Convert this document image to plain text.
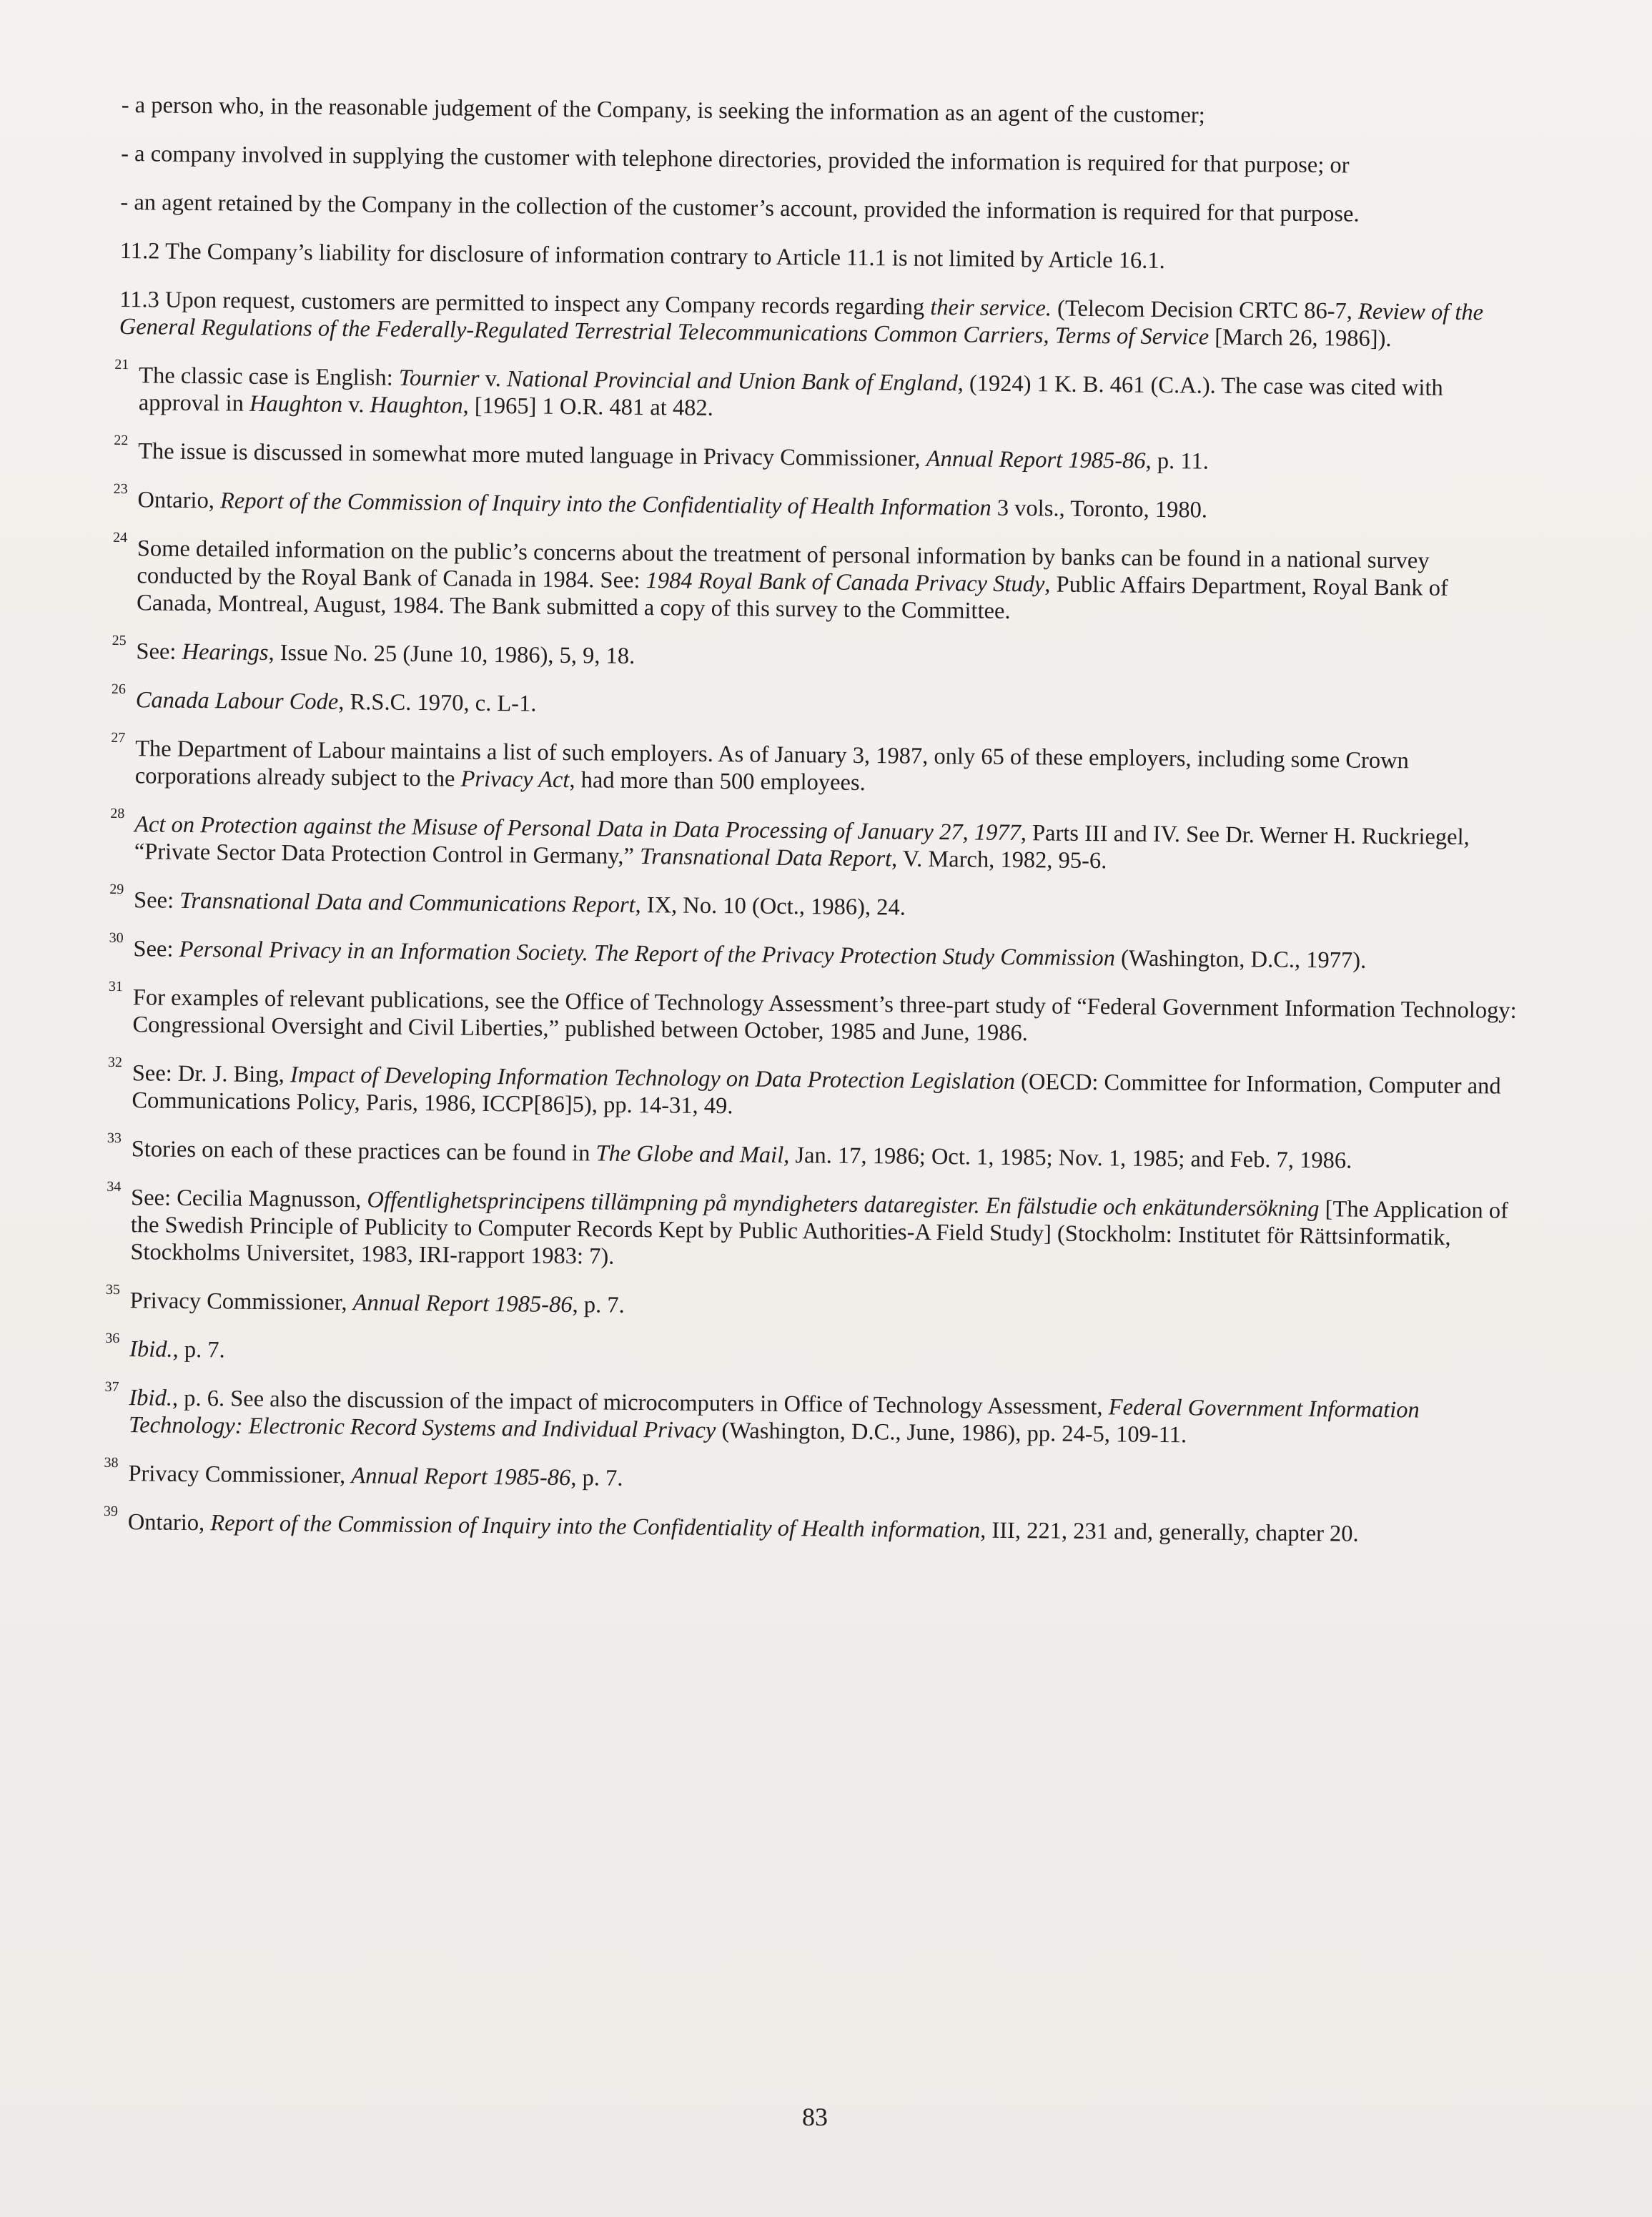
- a person who, in the reasonable judgement of the Company, is seeking the information as an agent of the customer;
- a company involved in supplying the customer with telephone directories, provided the information is required for that purpose; or
- an agent retained by the Company in the collection of the customer’s account, provided the information is required for that purpose.
11.2 The Company’s liability for disclosure of information contrary to Article 11.1 is not limited by Article 16.1.
11.3 Upon request, customers are permitted to inspect any Company records regarding their service. (Telecom Decision CRTC 86-7, Review of the General Regulations of the Federally-Regulated Terrestrial Telecommunications Common Carriers, Terms of Service [March 26, 1986]).
21 The classic case is English: Tournier v. National Provincial and Union Bank of England, (1924) 1 K. B. 461 (C.A.). The case was cited with approval in Haughton v. Haughton, [1965] 1 O.R. 481 at 482.
22 The issue is discussed in somewhat more muted language in Privacy Commissioner, Annual Report 1985-86, p. 11.
23 Ontario, Report of the Commission of Inquiry into the Confidentiality of Health Information 3 vols., Toronto, 1980.
24 Some detailed information on the public’s concerns about the treatment of personal information by banks can be found in a national survey conducted by the Royal Bank of Canada in 1984. See: 1984 Royal Bank of Canada Privacy Study, Public Affairs Department, Royal Bank of Canada, Montreal, August, 1984. The Bank submitted a copy of this survey to the Committee.
25 See: Hearings, Issue No. 25 (June 10, 1986), 5, 9, 18.
26 Canada Labour Code, R.S.C. 1970, c. L-1.
27 The Department of Labour maintains a list of such employers. As of January 3, 1987, only 65 of these employers, including some Crown corporations already subject to the Privacy Act, had more than 500 employees.
28 Act on Protection against the Misuse of Personal Data in Data Processing of January 27, 1977, Parts III and IV. See Dr. Werner H. Ruckriegel, “Private Sector Data Protection Control in Germany,” Transnational Data Report, V. March, 1982, 95-6.
29 See: Transnational Data and Communications Report, IX, No. 10 (Oct., 1986), 24.
30 See: Personal Privacy in an Information Society. The Report of the Privacy Protection Study Commission (Washington, D.C., 1977).
31 For examples of relevant publications, see the Office of Technology Assessment’s three-part study of “Federal Government Information Technology: Congressional Oversight and Civil Liberties,” published between October, 1985 and June, 1986.
32 See: Dr. J. Bing, Impact of Developing Information Technology on Data Protection Legislation (OECD: Committee for Information, Computer and Communications Policy, Paris, 1986, ICCP[86]5), pp. 14-31, 49.
33 Stories on each of these practices can be found in The Globe and Mail, Jan. 17, 1986; Oct. 1, 1985; Nov. 1, 1985; and Feb. 7, 1986.
34 See: Cecilia Magnusson, Offentlighetsprincipens tillämpning på myndigheters dataregister. En fälstudie och enkätundersökning [The Application of the Swedish Principle of Publicity to Computer Records Kept by Public Authorities-A Field Study] (Stockholm: Institutet för Rättsinformatik, Stockholms Universitet, 1983, IRI-rapport 1983: 7).
35 Privacy Commissioner, Annual Report 1985-86, p. 7.
36 Ibid., p. 7.
37 Ibid., p. 6. See also the discussion of the impact of microcomputers in Office of Technology Assessment, Federal Government Information Technology: Electronic Record Systems and Individual Privacy (Washington, D.C., June, 1986), pp. 24-5, 109-11.
38 Privacy Commissioner, Annual Report 1985-86, p. 7.
39 Ontario, Report of the Commission of Inquiry into the Confidentiality of Health information, III, 221, 231 and, generally, chapter 20.
83
